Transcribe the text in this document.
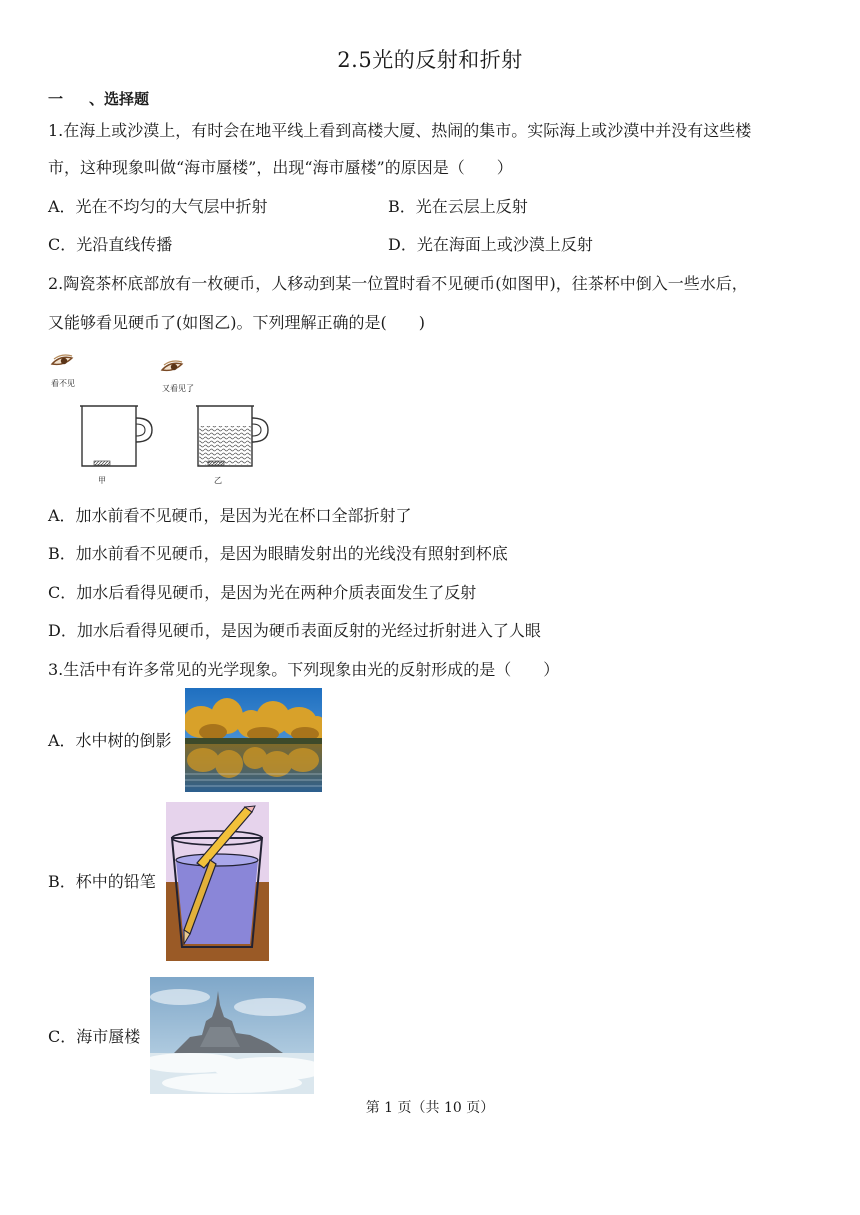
2.5光的反射和折射
一 、选择题
1.在海上或沙漠上，有时会在地平线上看到高楼大厦、热闹的集市。实际海上或沙漠中并没有这些楼
市，这种现象叫做“海市蜃楼”，出现“海市蜃楼”的原因是（　　）
A．光在不均匀的大气层中折射	B．光在云层上反射
C．光沿直线传播	D．光在海面上或沙漠上反射
2.陶瓷茶杯底部放有一枚硬币，人移动到某一位置时看不见硬币(如图甲)，往茶杯中倒入一些水后，
又能够看见硬币了(如图乙)。下列理解正确的是(　　)
看不见
又看见了
甲	乙
A．加水前看不见硬币，是因为光在杯口全部折射了
B．加水前看不见硬币，是因为眼睛发射出的光线没有照射到杯底
C．加水后看得见硬币，是因为光在两种介质表面发生了反射
D．加水后看得见硬币，是因为硬币表面反射的光经过折射进入了人眼
3.生活中有许多常见的光学现象。下列现象由光的反射形成的是（　　）
A．水中树的倒影
B．杯中的铅笔
C．海市蜃楼
第 1 页（共 10 页）
